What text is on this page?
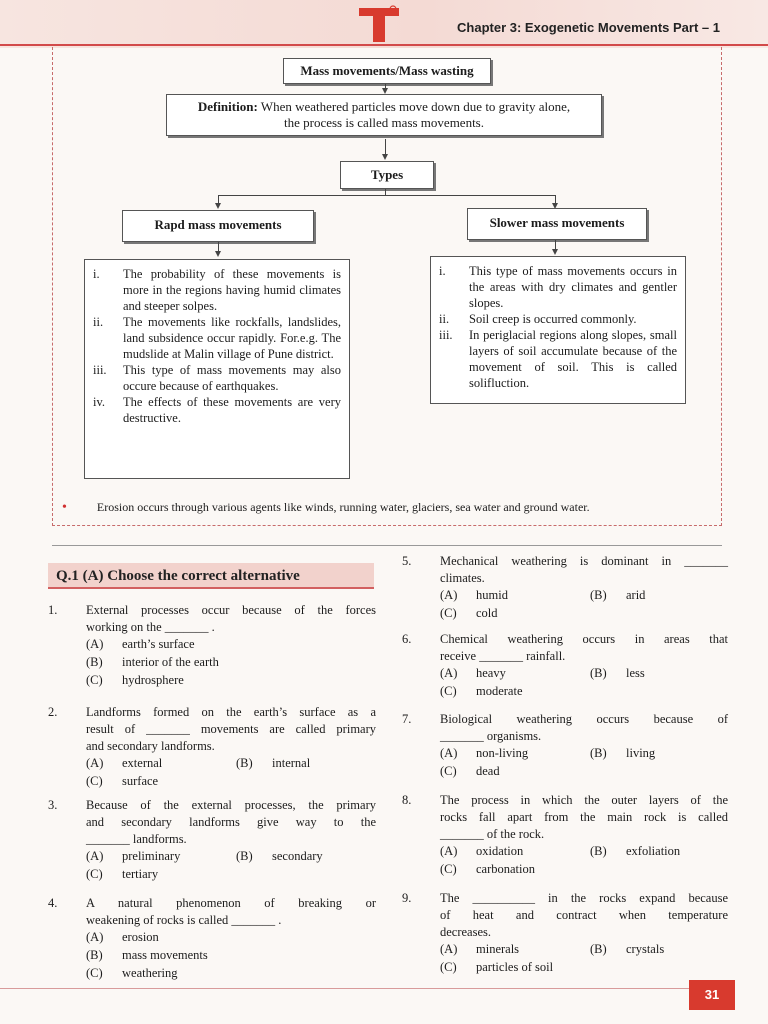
Chapter 3: Exogenetic Movements Part – 1
Mass movements/Mass wasting
Definition: When weathered particles move down due to gravity alone,
the process is called mass movements.
Types
Rapd mass movements	Slower mass movements
i.	The probability of these movements is more in the regions having humid climates and steeper solpes.
ii.	The movements like rockfalls, landslides, land subsidence occur rapidly. For.e.g. The mudslide at Malin village of Pune district.
iii.	This type of mass movements may also occure because of earthquakes.
iv.	The effects of these movements are very destructive.
i.	This type of mass movements occurs in the areas with dry climates and gentler slopes.
ii.	Soil creep is occurred commonly.
iii.	In periglacial regions along slopes, small layers of soil accumulate because of the movement of soil. This is called solifluction.
•	Erosion occurs through various agents like winds, running water, glaciers, sea water and ground water.
Q.1 (A) Choose the correct alternative
1. External processes occur because of the forces
working on the _______ .
(A) earth’s surface
(B) interior of the earth
(C) hydrosphere
2. Landforms formed on the earth’s surface as a
result of _______ movements are called primary
and secondary landforms.
(A) external	(B) internal
(C) surface
3. Because of the external processes, the primary
and secondary landforms give way to the
_______ landforms.
(A) preliminary	(B) secondary
(C) tertiary
4. A natural phenomenon of breaking or
weakening of rocks is called _______ .
(A) erosion
(B) mass movements
(C) weathering
5. Mechanical weathering is dominant in _______
climates.
(A) humid	(B) arid
(C) cold
6. Chemical weathering occurs in areas that
receive _______ rainfall.
(A) heavy	(B) less
(C) moderate
7. Biological weathering occurs because of
_______ organisms.
(A) non-living	(B) living
(C) dead
8. The process in which the outer layers of the
rocks fall apart from the main rock is called
_______ of the rock.
(A) oxidation	(B) exfoliation
(C) carbonation
9. The __________ in the rocks expand because
of heat and contract when temperature
decreases.
(A) minerals	(B) crystals
(C) particles of soil
31
